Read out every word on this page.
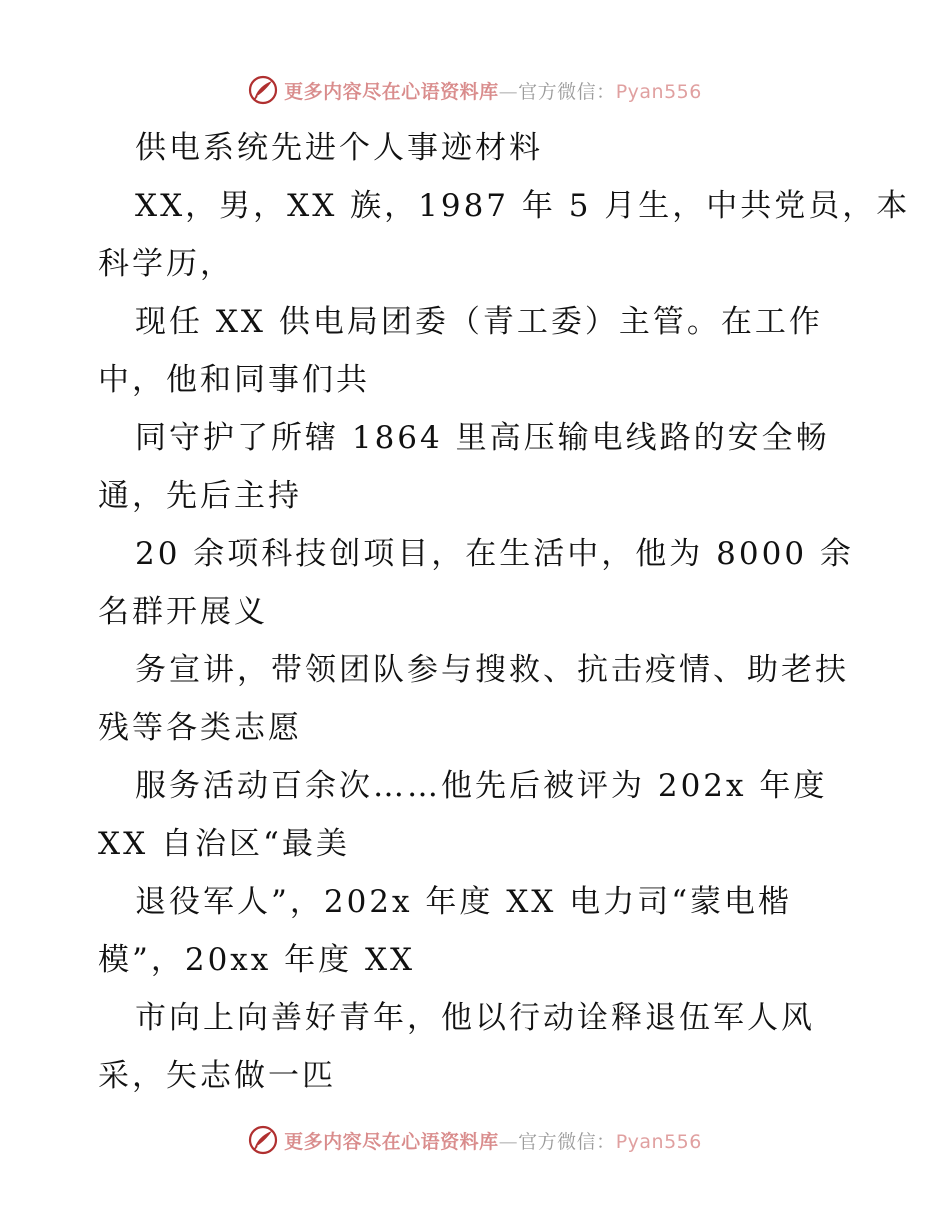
更多内容尽在心语资料库—官方微信：Pyan556
供电系统先进个人事迹材料
XX，男，XX 族，1987 年 5 月生，中共党员，本
科学历，
现任 XX 供电局团委（青工委）主管。在工作
中，他和同事们共
同守护了所辖 1864 里高压输电线路的安全畅
通，先后主持
20 余项科技创项目，在生活中，他为 8000 余
名群开展义
务宣讲，带领团队参与搜救、抗击疫情、助老扶
残等各类志愿
服务活动百余次……他先后被评为 202x 年度
XX 自治区“最美
退役军人”，202x 年度 XX 电力司“蒙电楷
模”，20xx 年度 XX
市向上向善好青年，他以行动诠释退伍军人风
采，矢志做一匹
更多内容尽在心语资料库—官方微信：Pyan556
